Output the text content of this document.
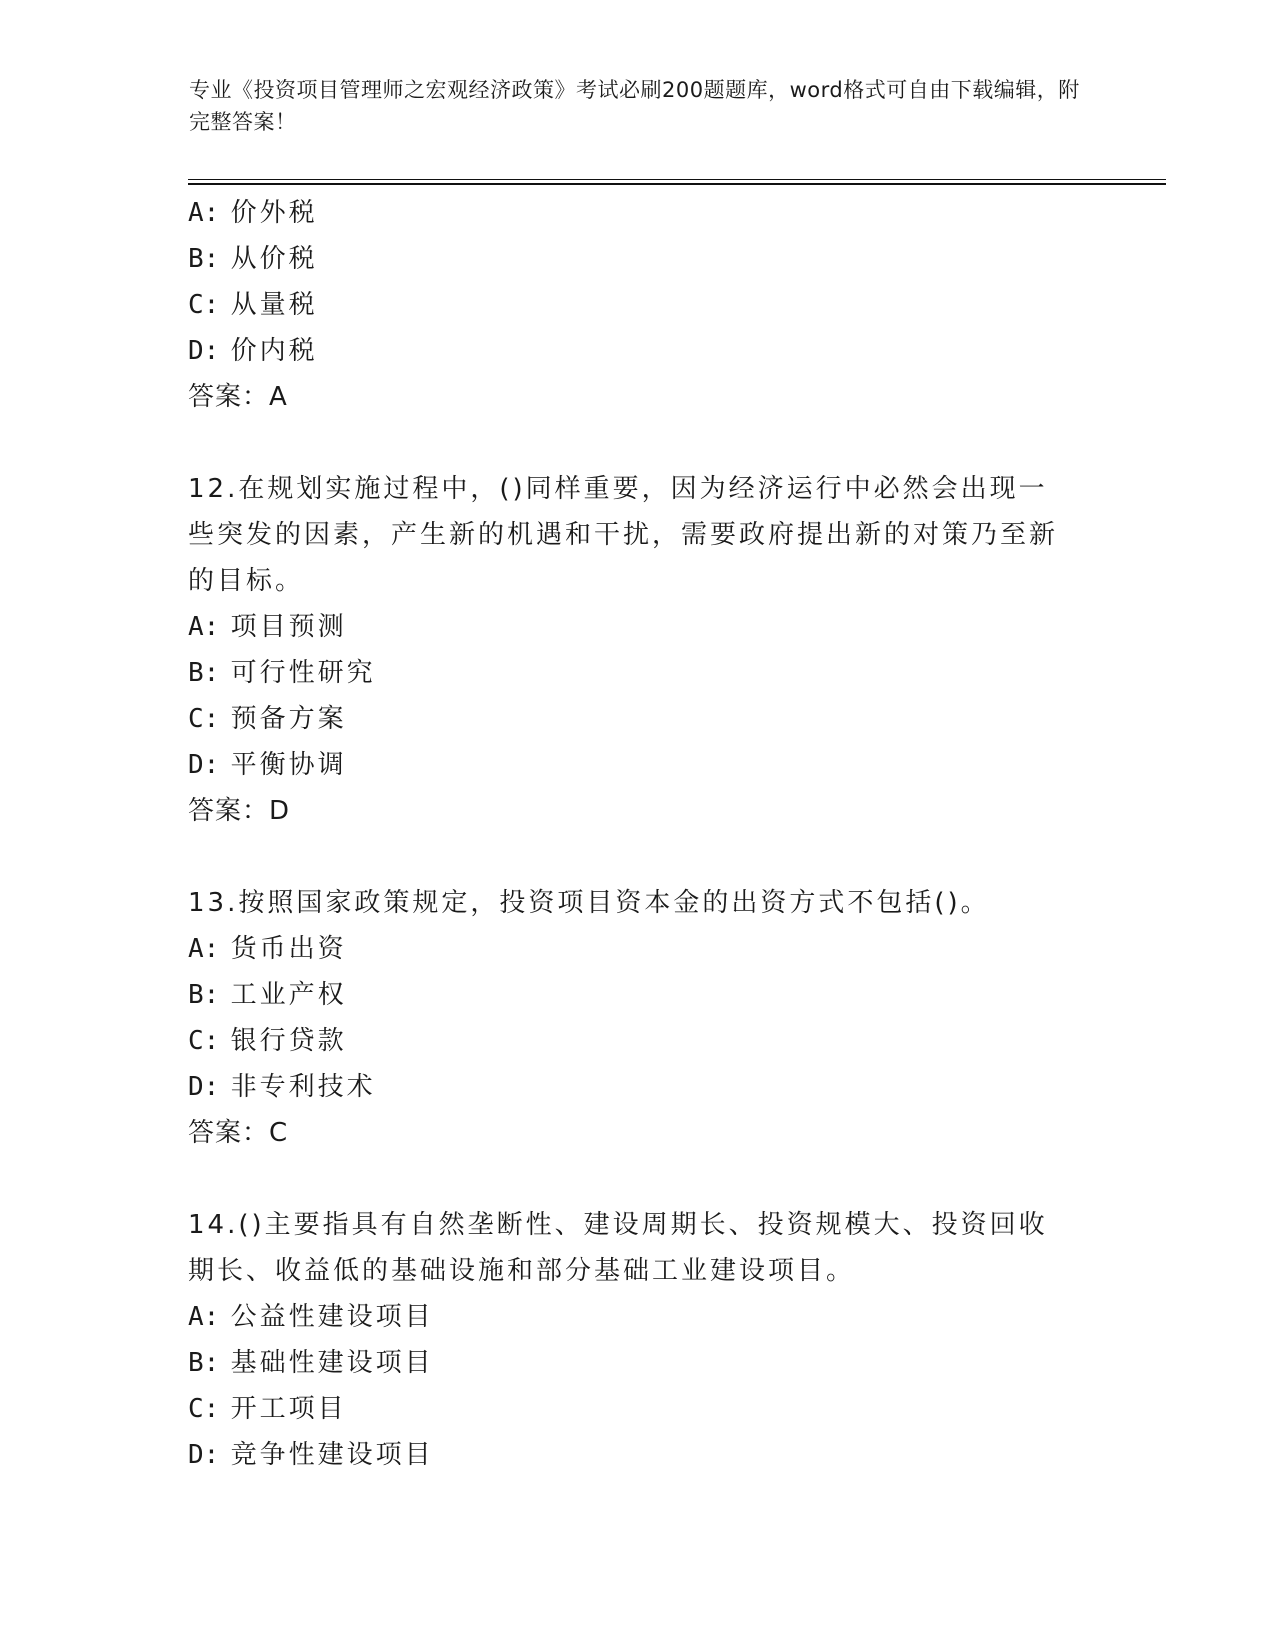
专业《投资项目管理师之宏观经济政策》考试必刷200题题库，word格式可自由下载编辑，附完整答案！
A: 价外税
B: 从价税
C: 从量税
D: 价内税
答案：A
12.在规划实施过程中，()同样重要，因为经济运行中必然会出现一些突发的因素，产生新的机遇和干扰，需要政府提出新的对策乃至新的目标。
A: 项目预测
B: 可行性研究
C: 预备方案
D: 平衡协调
答案：D
13.按照国家政策规定，投资项目资本金的出资方式不包括()。
A: 货币出资
B: 工业产权
C: 银行贷款
D: 非专利技术
答案：C
14.()主要指具有自然垄断性、建设周期长、投资规模大、投资回收期长、收益低的基础设施和部分基础工业建设项目。
A: 公益性建设项目
B: 基础性建设项目
C: 开工项目
D: 竞争性建设项目
